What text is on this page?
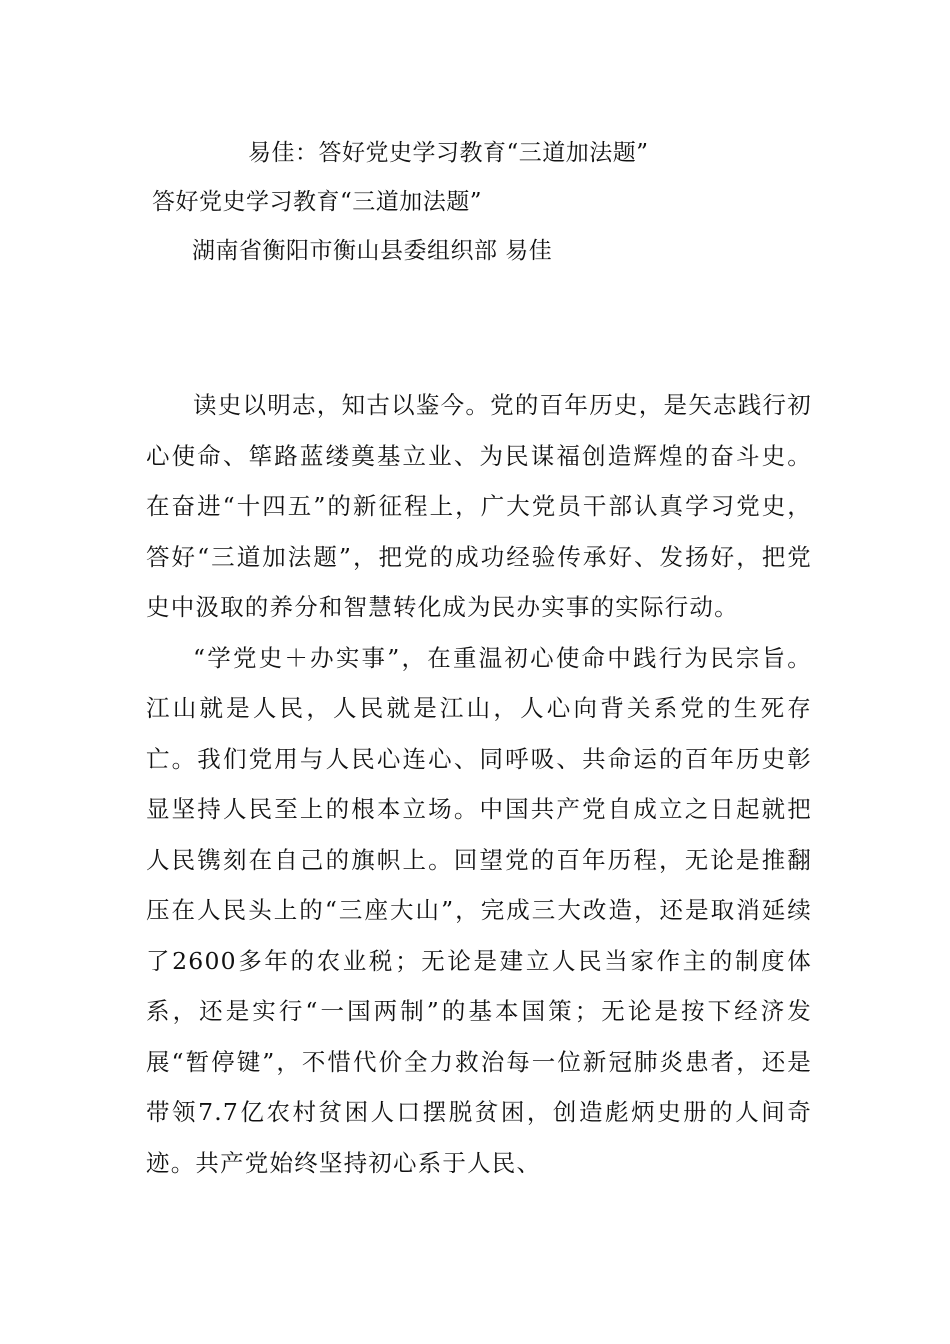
易佳：答好党史学习教育“三道加法题”
答好党史学习教育“三道加法题”
湖南省衡阳市衡山县委组织部 易佳

读史以明志，知古以鉴今。党的百年历史，是矢志践行初心使命、筚路蓝缕奠基立业、为民谋福创造辉煌的奋斗史。在奋进“十四五”的新征程上，广大党员干部认真学习党史，答好“三道加法题”，把党的成功经验传承好、发扬好，把党史中汲取的养分和智慧转化成为民办实事的实际行动。

“学党史＋办实事”，在重温初心使命中践行为民宗旨。江山就是人民，人民就是江山，人心向背关系党的生死存亡。我们党用与人民心连心、同呼吸、共命运的百年历史彰显坚持人民至上的根本立场。中国共产党自成立之日起就把人民镌刻在自己的旗帜上。回望党的百年历程，无论是推翻压在人民头上的“三座大山”，完成三大改造，还是取消延续了2600多年的农业税；无论是建立人民当家作主的制度体系，还是实行“一国两制”的基本国策；无论是按下经济发展“暂停键”，不惜代价全力救治每一位新冠肺炎患者，还是带领7.7亿农村贫困人口摆脱贫困，创造彪炳史册的人间奇迹。共产党始终坚持初心系于人民、
